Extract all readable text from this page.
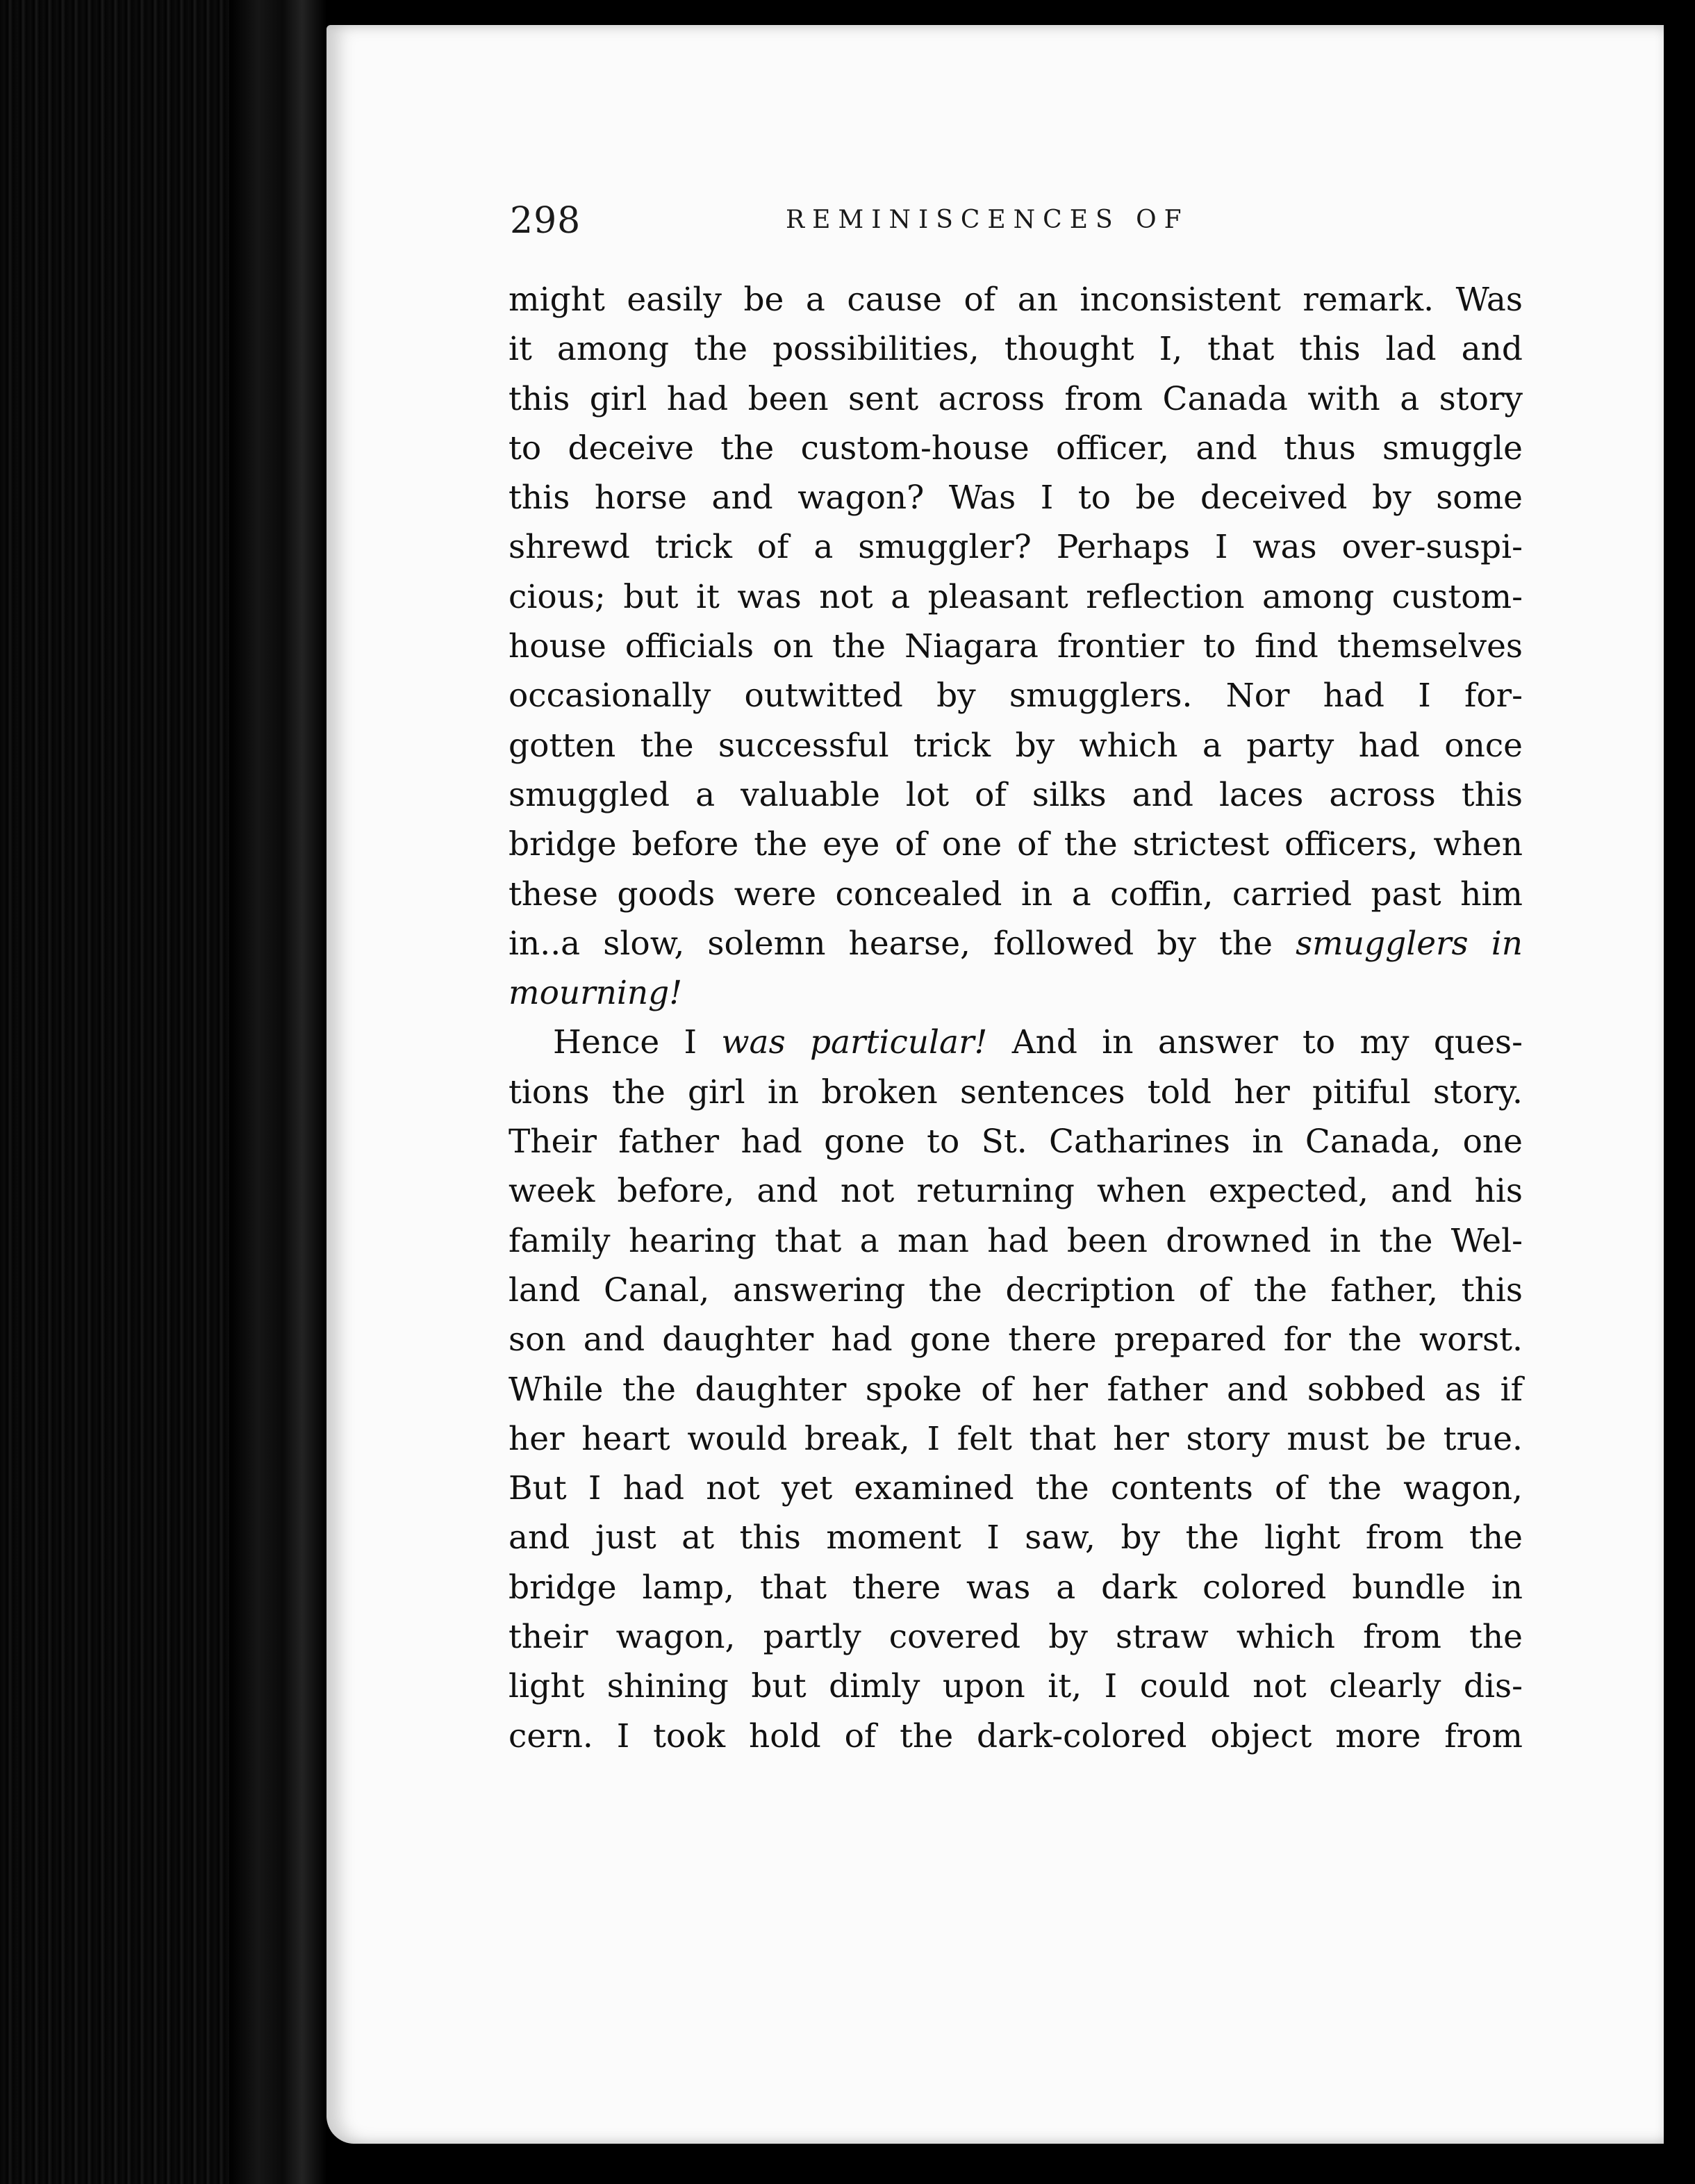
298	REMINISCENCES OF
might easily be a cause of an inconsistent remark. Was
it among the possibilities, thought I, that this lad and
this girl had been sent across from Canada with a story
to deceive the custom-house officer, and thus smuggle
this horse and wagon? Was I to be deceived by some
shrewd trick of a smuggler? Perhaps I was over-suspi-
cious; but it was not a pleasant reflection among custom-
house officials on the Niagara frontier to find themselves
occasionally outwitted by smugglers. Nor had I for-
gotten the successful trick by which a party had once
smuggled a valuable lot of silks and laces across this
bridge before the eye of one of the strictest officers, when
these goods were concealed in a coffin, carried past him
in..a slow, solemn hearse, followed by the smugglers in
mourning!
Hence I was particular! And in answer to my ques-
tions the girl in broken sentences told her pitiful story.
Their father had gone to St. Catharines in Canada, one
week before, and not returning when expected, and his
family hearing that a man had been drowned in the Wel-
land Canal, answering the decription of the father, this
son and daughter had gone there prepared for the worst.
While the daughter spoke of her father and sobbed as if
her heart would break, I felt that her story must be true.
But I had not yet examined the contents of the wagon,
and just at this moment I saw, by the light from the
bridge lamp, that there was a dark colored bundle in
their wagon, partly covered by straw which from the
light shining but dimly upon it, I could not clearly dis-
cern. I took hold of the dark-colored object more from
